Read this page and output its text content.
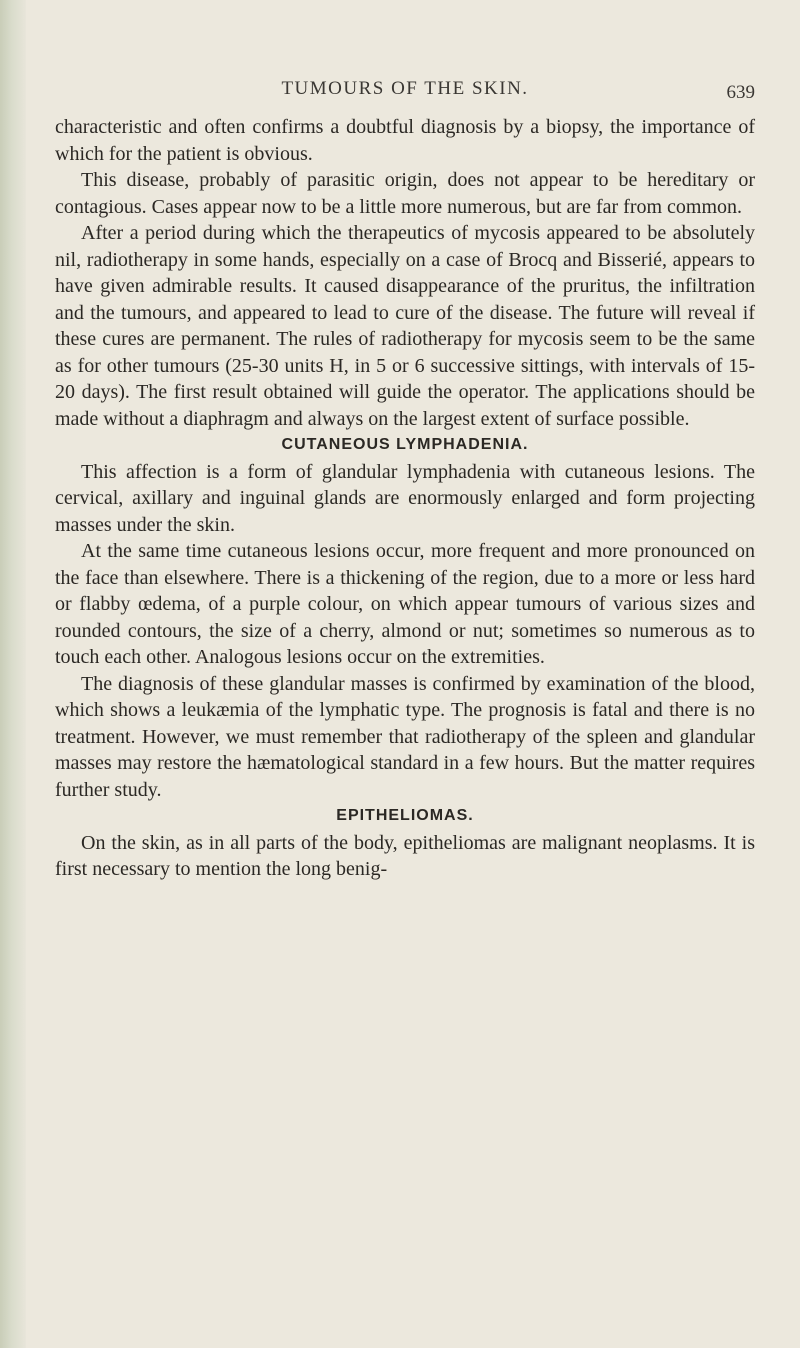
TUMOURS OF THE SKIN.	639

characteristic and often confirms a doubtful diagnosis by a biopsy, the importance of which for the patient is obvious.

This disease, probably of parasitic origin, does not appear to be hereditary or contagious. Cases appear now to be a little more numerous, but are far from common.

After a period during which the therapeutics of mycosis appeared to be absolutely nil, radiotherapy in some hands, especially on a case of Brocq and Bisserié, appears to have given admirable results. It caused disappearance of the pruritus, the infiltration and the tumours, and appeared to lead to cure of the disease. The future will reveal if these cures are permanent. The rules of radiotherapy for mycosis seem to be the same as for other tumours (25-30 units H, in 5 or 6 successive sittings, with intervals of 15-20 days). The first result obtained will guide the operator. The applications should be made without a diaphragm and always on the largest extent of surface possible.

CUTANEOUS LYMPHADENIA.

This affection is a form of glandular lymphadenia with cutaneous lesions. The cervical, axillary and inguinal glands are enormously enlarged and form projecting masses under the skin.

At the same time cutaneous lesions occur, more frequent and more pronounced on the face than elsewhere. There is a thickening of the region, due to a more or less hard or flabby œdema, of a purple colour, on which appear tumours of various sizes and rounded contours, the size of a cherry, almond or nut; sometimes so numerous as to touch each other. Analogous lesions occur on the extremities.

The diagnosis of these glandular masses is confirmed by examination of the blood, which shows a leukæmia of the lymphatic type. The prognosis is fatal and there is no treatment. However, we must remember that radiotherapy of the spleen and glandular masses may restore the hæmatological standard in a few hours. But the matter requires further study.

EPITHELIOMAS.

On the skin, as in all parts of the body, epitheliomas are malignant neoplasms. It is first necessary to mention the long benig-
